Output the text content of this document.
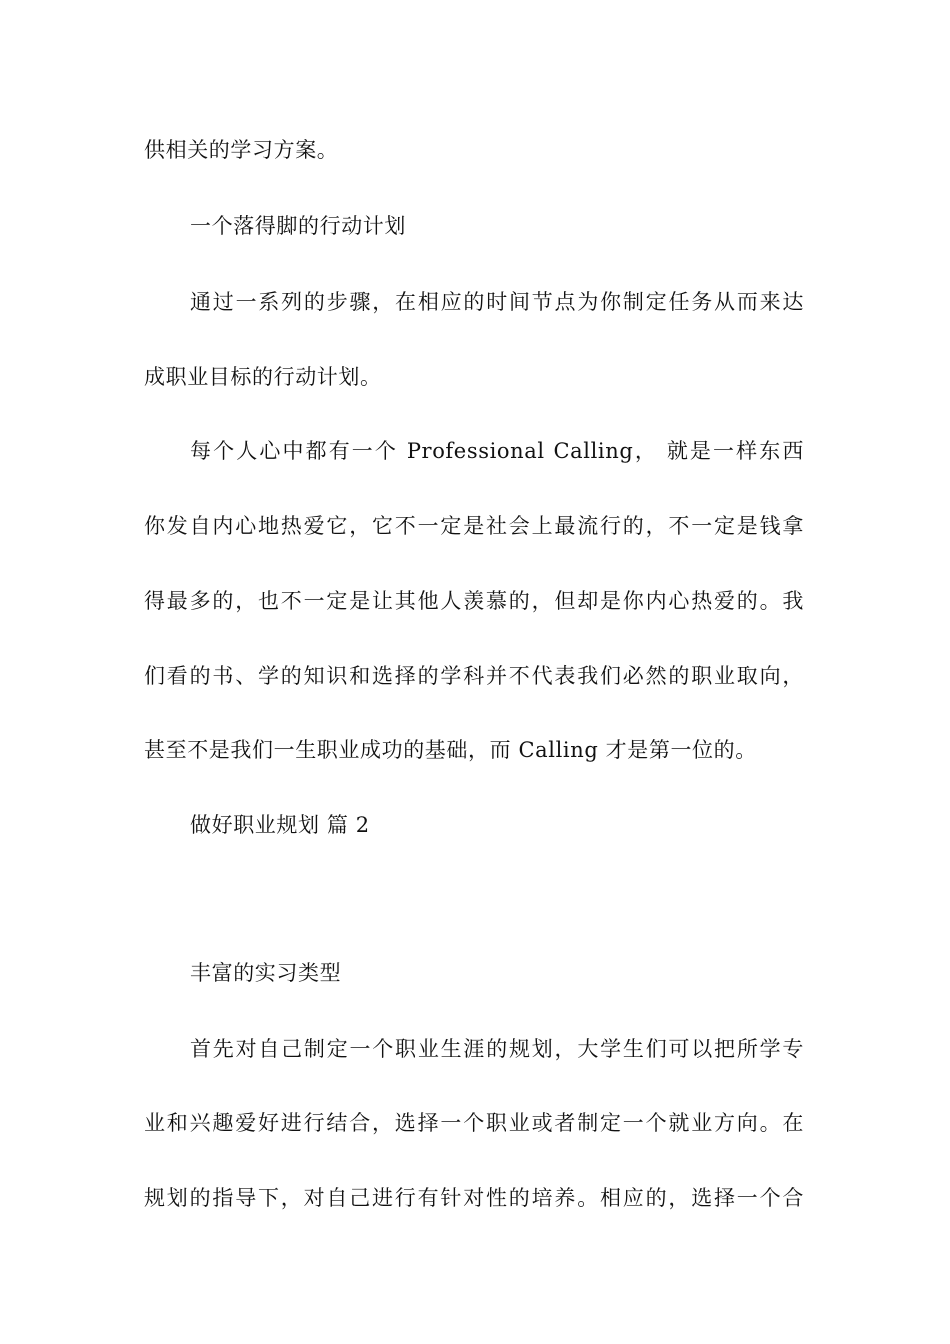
供相关的学习方案。
一个落得脚的行动计划
通过一系列的步骤，在相应的时间节点为你制定任务从而来达
成职业目标的行动计划。
每个人心中都有一个 Professional Calling， 就是一样东西
你发自内心地热爱它，它不一定是社会上最流行的，不一定是钱拿
得最多的，也不一定是让其他人羡慕的，但却是你内心热爱的。我
们看的书、学的知识和选择的学科并不代表我们必然的职业取向，
甚至不是我们一生职业成功的基础，而 Calling 才是第一位的。
做好职业规划 篇 2
丰富的实习类型
首先对自己制定一个职业生涯的规划，大学生们可以把所学专
业和兴趣爱好进行结合，选择一个职业或者制定一个就业方向。在
规划的指导下，对自己进行有针对性的培养。相应的，选择一个合
